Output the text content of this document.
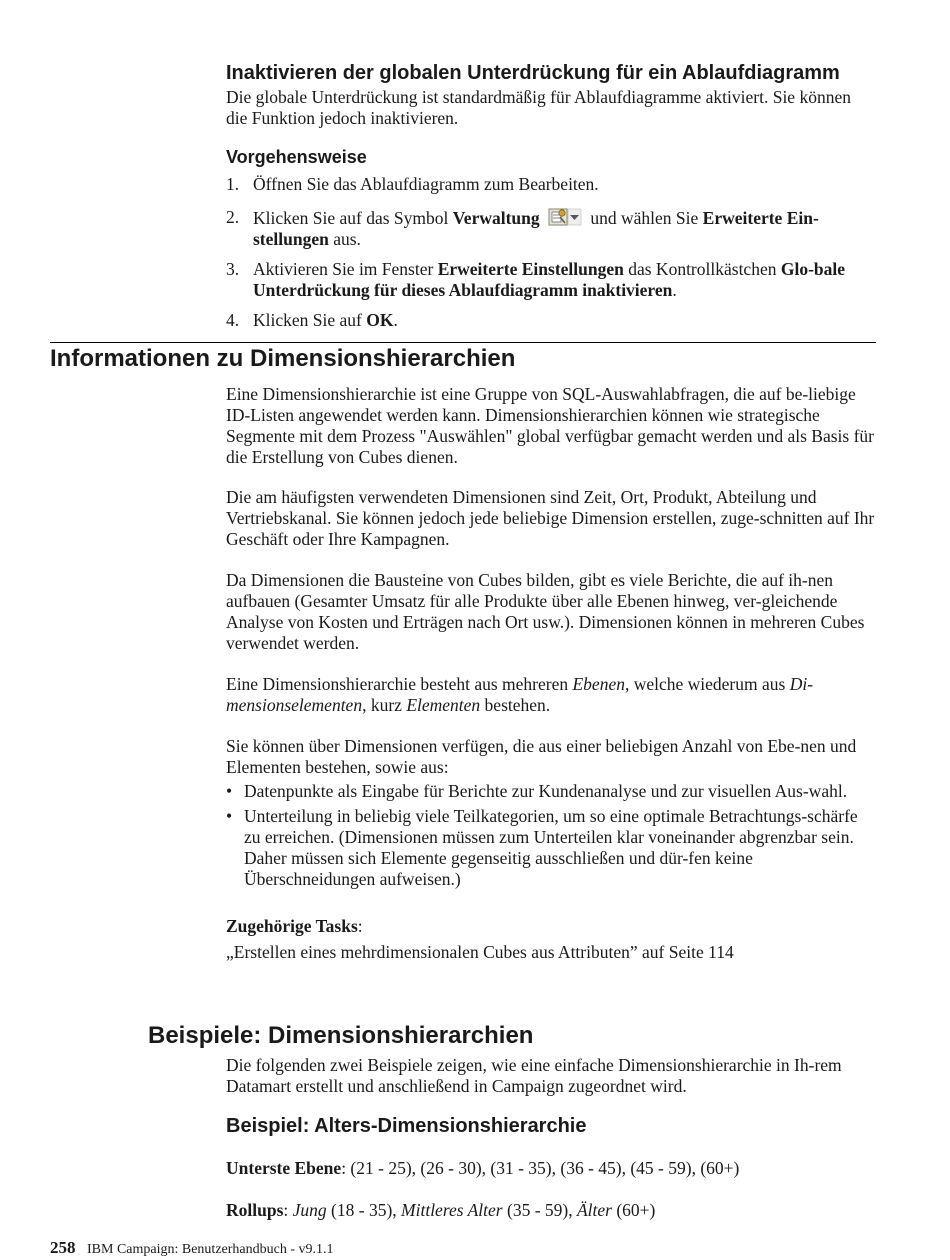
Inaktivieren der globalen Unterdrückung für ein Ablaufdiagramm

Die globale Unterdrückung ist standardmäßig für Ablaufdiagramme aktiviert. Sie können die Funktion jedoch inaktivieren.

Vorgehensweise
1. Öffnen Sie das Ablaufdiagramm zum Bearbeiten.
2. Klicken Sie auf das Symbol Verwaltung	und wählen Sie Erweiterte Ein-stellungen aus.
3. Aktivieren Sie im Fenster Erweiterte Einstellungen das Kontrollkästchen Glo-bale Unterdrückung für dieses Ablaufdiagramm inaktivieren.
4. Klicken Sie auf OK.
Informationen zu Dimensionshierarchien

Eine Dimensionshierarchie ist eine Gruppe von SQL-Auswahlabfragen, die auf be-liebige ID-Listen angewendet werden kann. Dimensionshierarchien können wie strategische Segmente mit dem Prozess "Auswählen" global verfügbar gemacht werden und als Basis für die Erstellung von Cubes dienen.

Die am häufigsten verwendeten Dimensionen sind Zeit, Ort, Produkt, Abteilung und Vertriebskanal. Sie können jedoch jede beliebige Dimension erstellen, zuge-schnitten auf Ihr Geschäft oder Ihre Kampagnen.

Da Dimensionen die Bausteine von Cubes bilden, gibt es viele Berichte, die auf ih-nen aufbauen (Gesamter Umsatz für alle Produkte über alle Ebenen hinweg, ver-gleichende Analyse von Kosten und Erträgen nach Ort usw.). Dimensionen können in mehreren Cubes verwendet werden.

Eine Dimensionshierarchie besteht aus mehreren Ebenen, welche wiederum aus Di-mensionselementen, kurz Elementen bestehen.

Sie können über Dimensionen verfügen, die aus einer beliebigen Anzahl von Ebe-nen und Elementen bestehen, sowie aus:

• Datenpunkte als Eingabe für Berichte zur Kundenanalyse und zur visuellen Aus-wahl.
• Unterteilung in beliebig viele Teilkategorien, um so eine optimale Betrachtungs-schärfe zu erreichen. (Dimensionen müssen zum Unterteilen klar voneinander abgrenzbar sein. Daher müssen sich Elemente gegenseitig ausschließen und dür-fen keine Überschneidungen aufweisen.)

Zugehörige Tasks:

„Erstellen eines mehrdimensionalen Cubes aus Attributen” auf Seite 114

Beispiele: Dimensionshierarchien

Die folgenden zwei Beispiele zeigen, wie eine einfache Dimensionshierarchie in Ih-rem Datamart erstellt und anschließend in Campaign zugeordnet wird.

Beispiel: Alters-Dimensionshierarchie

Unterste Ebene: (21 - 25), (26 - 30), (31 - 35), (36 - 45), (45 - 59), (60+)

Rollups: Jung (18 - 35), Mittleres Alter (35 - 59), Älter (60+)

258 IBM Campaign: Benutzerhandbuch - v9.1.1
